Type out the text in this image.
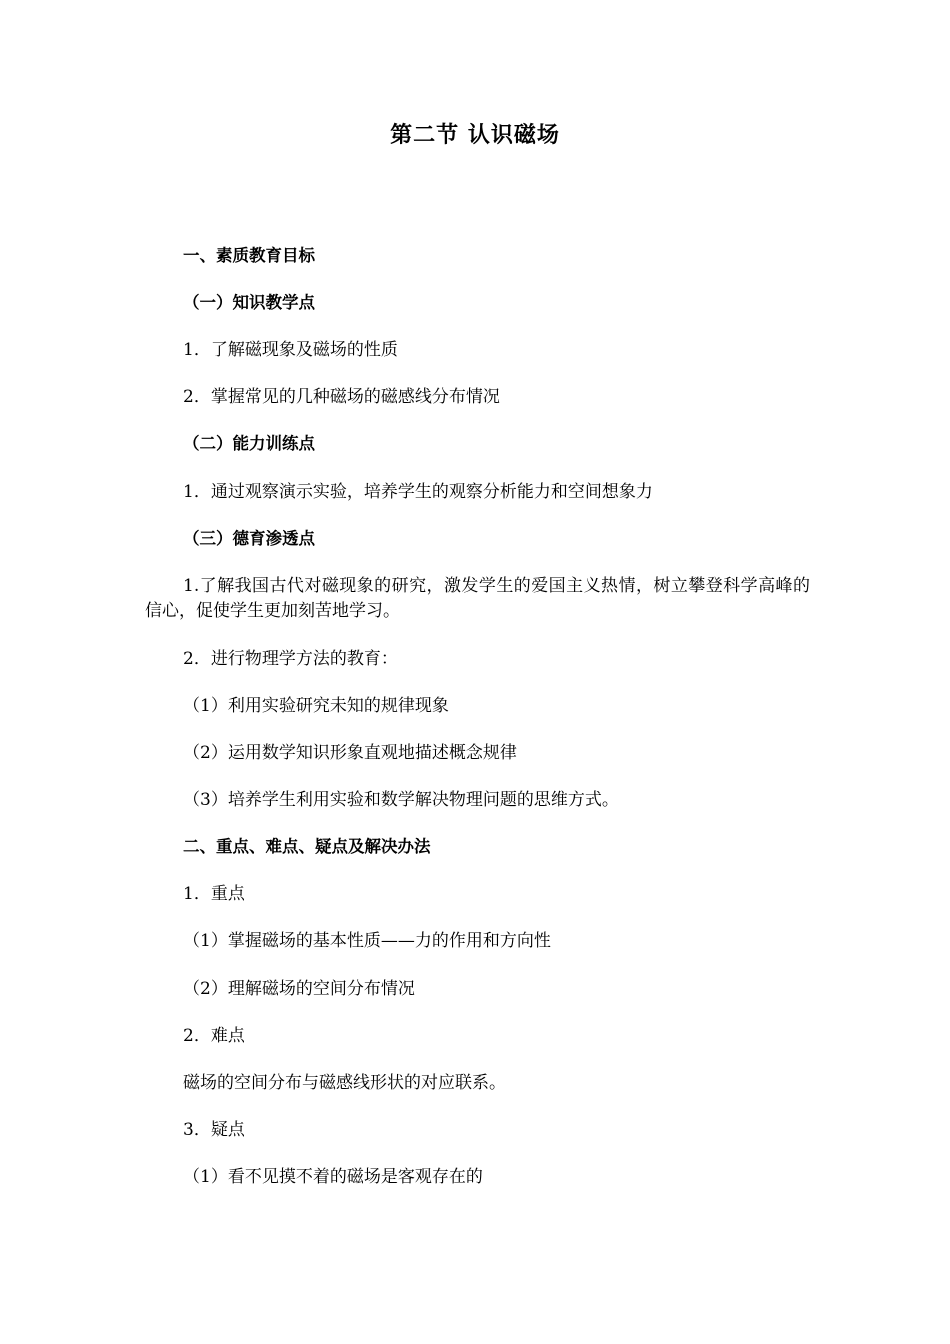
第二节 认识磁场
一、素质教育目标
（一）知识教学点
1．了解磁现象及磁场的性质
2．掌握常见的几种磁场的磁感线分布情况
（二）能力训练点
1．通过观察演示实验，培养学生的观察分析能力和空间想象力
（三）德育渗透点
1.了解我国古代对磁现象的研究，激发学生的爱国主义热情，树立攀登科学高峰的信心，促使学生更加刻苦地学习。
2．进行物理学方法的教育：
（1）利用实验研究未知的规律现象
（2）运用数学知识形象直观地描述概念规律
（3）培养学生利用实验和数学解决物理问题的思维方式。
二、重点、难点、疑点及解决办法
1．重点
（1）掌握磁场的基本性质——力的作用和方向性
（2）理解磁场的空间分布情况
2．难点
磁场的空间分布与磁感线形状的对应联系。
3．疑点
（1）看不见摸不着的磁场是客观存在的
